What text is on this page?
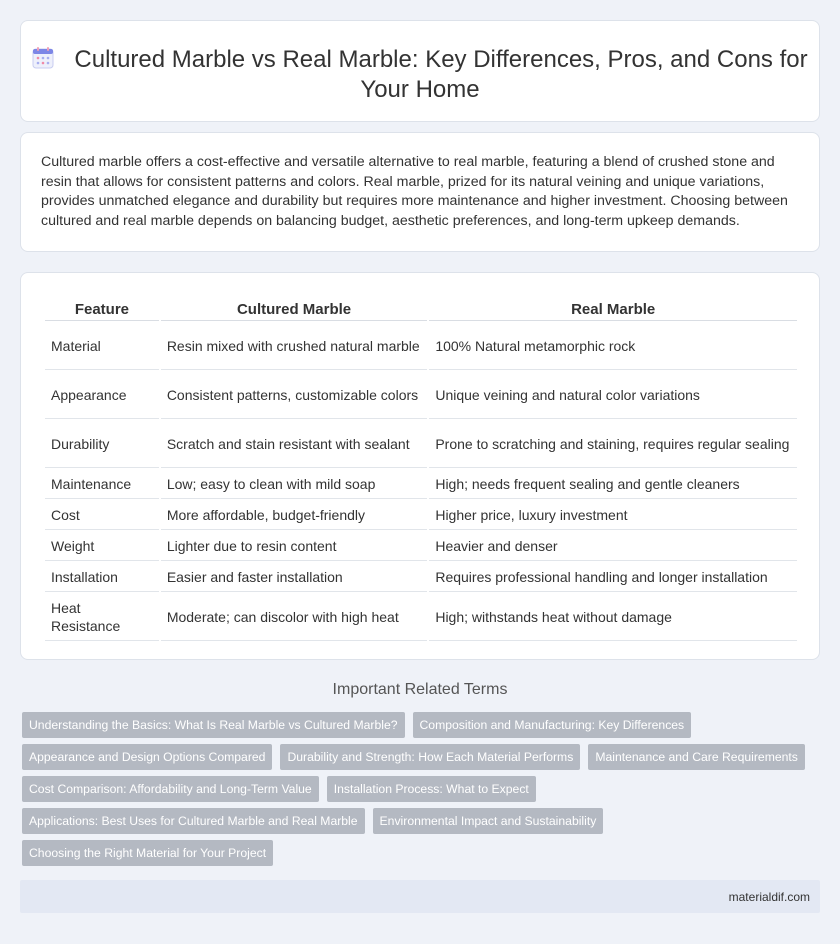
Cultured Marble vs Real Marble: Key Differences, Pros, and Cons for Your Home

Cultured marble offers a cost-effective and versatile alternative to real marble, featuring a blend of crushed stone and resin that allows for consistent patterns and colors. Real marble, prized for its natural veining and unique variations, provides unmatched elegance and durability but requires more maintenance and higher investment. Choosing between cultured and real marble depends on balancing budget, aesthetic preferences, and long-term upkeep demands.

Feature	Cultured Marble	Real Marble
Material	Resin mixed with crushed natural marble	100% Natural metamorphic rock
Appearance	Consistent patterns, customizable colors	Unique veining and natural color variations
Durability	Scratch and stain resistant with sealant	Prone to scratching and staining, requires regular sealing
Maintenance	Low; easy to clean with mild soap	High; needs frequent sealing and gentle cleaners
Cost	More affordable, budget-friendly	Higher price, luxury investment
Weight	Lighter due to resin content	Heavier and denser
Installation	Easier and faster installation	Requires professional handling and longer installation
Heat Resistance	Moderate; can discolor with high heat	High; withstands heat without damage
Important Related Terms
Understanding the Basics: What Is Real Marble vs Cultured Marble?	Composition and Manufacturing: Key Differences
Appearance and Design Options Compared	Durability and Strength: How Each Material Performs	Maintenance and Care Requirements
Cost Comparison: Affordability and Long-Term Value	Installation Process: What to Expect
Applications: Best Uses for Cultured Marble and Real Marble	Environmental Impact and Sustainability
Choosing the Right Material for Your Project
materialdif.com
